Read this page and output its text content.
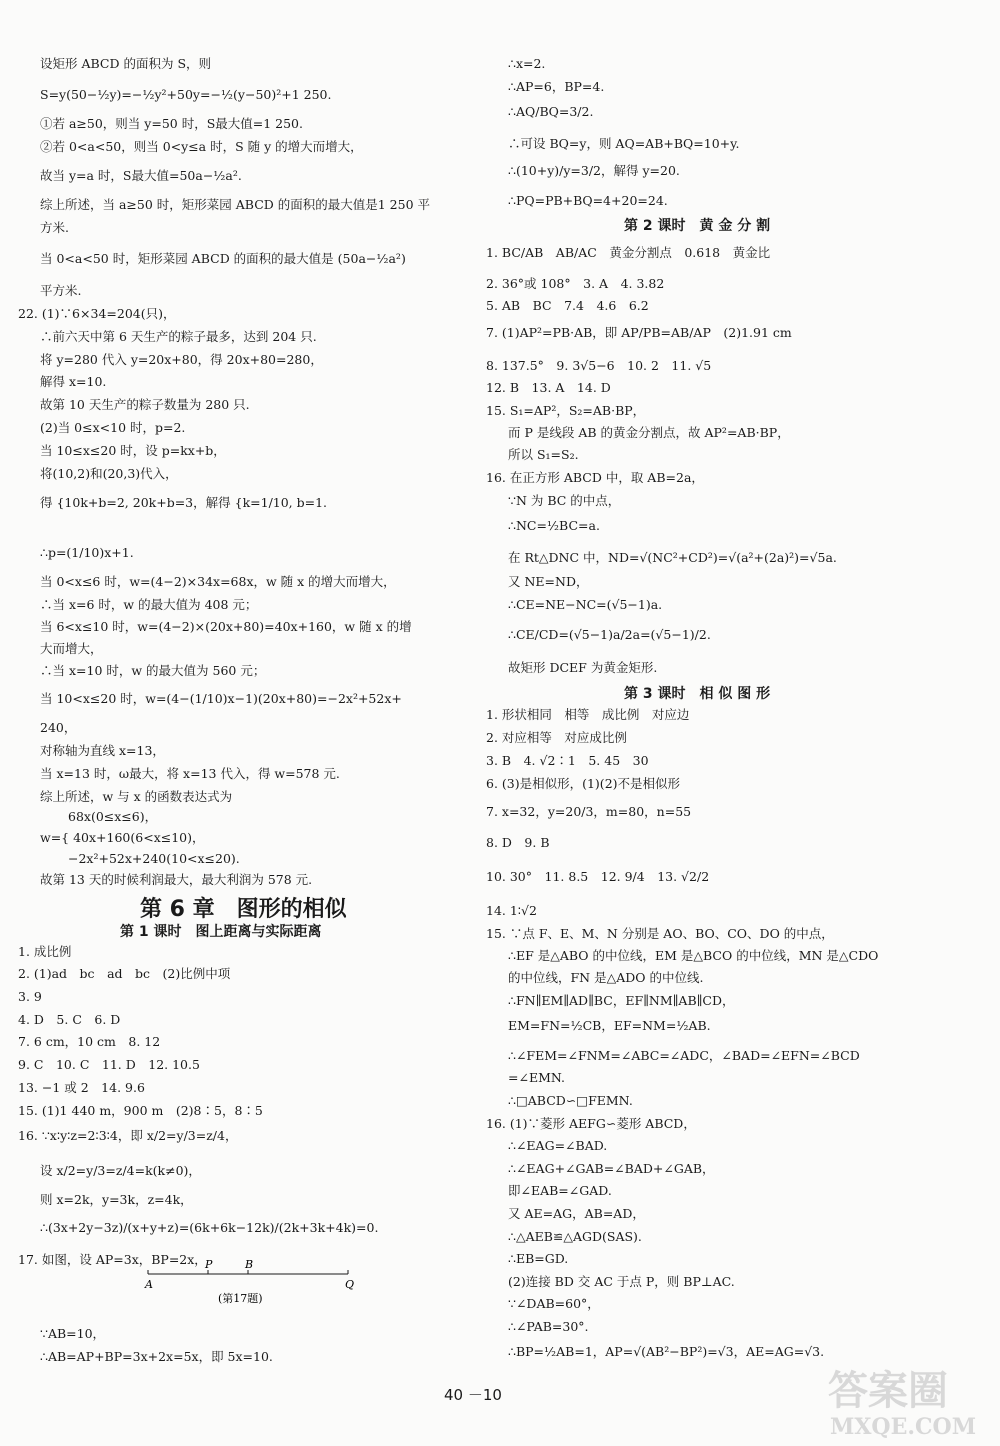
设矩形 ABCD 的面积为 S，则
S=y(50−½y)=−½y²+50y=−½(y−50)²+1 250.
①若 a≥50，则当 y=50 时，S最大值=1 250.
②若 0<a<50，则当 0<y≤a 时，S 随 y 的增大而增大，
故当 y=a 时，S最大值=50a−½a².
综上所述，当 a≥50 时，矩形菜园 ABCD 的面积的最大值是1 250 平
方米.
当 0<a<50 时，矩形菜园 ABCD 的面积的最大值是 (50a−½a²)
平方米.
22. (1)∵6×34=204(只)，
∴前六天中第 6 天生产的粽子最多，达到 204 只.
将 y=280 代入 y=20x+80，得 20x+80=280，
解得 x=10.
故第 10 天生产的粽子数量为 280 只.
(2)当 0≤x<10 时，p=2.
当 10≤x≤20 时，设 p=kx+b，
将(10,2)和(20,3)代入，
得 {10k+b=2, 20k+b=3，解得 {k=1/10, b=1.
∴p=(1/10)x+1.
当 0<x≤6 时，w=(4−2)×34x=68x，w 随 x 的增大而增大，
∴当 x=6 时，w 的最大值为 408 元；
当 6<x≤10 时，w=(4−2)×(20x+80)=40x+160，w 随 x 的增
大而增大，
∴当 x=10 时，w 的最大值为 560 元；
当 10<x≤20 时，w=(4−(1/10)x−1)(20x+80)=−2x²+52x+
240，
对称轴为直线 x=13，
当 x=13 时，ω最大，将 x=13 代入，得 w=578 元.
综上所述，w 与 x 的函数表达式为
68x(0≤x≤6)，
w={ 40x+160(6<x≤10)，
−2x²+52x+240(10<x≤20).
故第 13 天的时候利润最大，最大利润为 578 元.
第 6 章　图形的相似
第 1 课时　图上距离与实际距离
1. 成比例
2. (1)ad　bc　ad　bc　(2)比例中项
3. 9
4. D　5. C　6. D
7. 6 cm，10 cm　8. 12
9. C　10. C　11. D　12. 10.5
13. −1 或 2　14. 9.6
15. (1)1 440 m，900 m　(2)8∶5，8∶5
16. ∵x∶y∶z=2∶3∶4，即 x/2=y/3=z/4，
设 x/2=y/3=z/4=k(k≠0)，
则 x=2k，y=3k，z=4k，
∴(3x+2y−3z)/(x+y+z)=(6k+6k−12k)/(2k+3k+4k)=0.
17. 如图，设 AP=3x，BP=2x，
∵AB=10，
∴AB=AP+BP=3x+2x=5x，即 5x=10.
A
P	B
Q
(第17题)
∴x=2.
∴AP=6，BP=4.
∴AQ/BQ=3/2.
∴可设 BQ=y，则 AQ=AB+BQ=10+y.
∴(10+y)/y=3/2，解得 y=20.
∴PQ=PB+BQ=4+20=24.
第 2 课时　黄 金 分 割
1. BC/AB　AB/AC　黄金分割点　0.618　黄金比
2. 36°或 108°　3. A　4. 3.82
5. AB　BC　7.4　4.6　6.2
7. (1)AP²=PB·AB，即 AP/PB=AB/AP　(2)1.91 cm
8. 137.5°　9. 3√5−6　10. 2　11. √5
12. B　13. A　14. D
15. S₁=AP²，S₂=AB·BP，
而 P 是线段 AB 的黄金分割点，故 AP²=AB·BP，
所以 S₁=S₂.
16. 在正方形 ABCD 中，取 AB=2a，
∵N 为 BC 的中点，
∴NC=½BC=a.
在 Rt△DNC 中，ND=√(NC²+CD²)=√(a²+(2a)²)=√5a.
又 NE=ND，
∴CE=NE−NC=(√5−1)a.
∴CE/CD=(√5−1)a/2a=(√5−1)/2.
故矩形 DCEF 为黄金矩形.
第 3 课时　相 似 图 形
1. 形状相同　相等　成比例　对应边
2. 对应相等　对应成比例
3. B　4. √2∶1　5. 45　30
6. (3)是相似形，(1)(2)不是相似形
7. x=32，y=20/3，m=80，n=55
8. D　9. B
10. 30°　11. 8.5　12. 9/4　13. √2/2
14. 1∶√2
15. ∵点 F、E、M、N 分别是 AO、BO、CO、DO 的中点，
∴EF 是△ABO 的中位线，EM 是△BCO 的中位线，MN 是△CDO
的中位线，FN 是△ADO 的中位线.
∴FN∥EM∥AD∥BC，EF∥NM∥AB∥CD，
EM=FN=½CB，EF=NM=½AB.
∴∠FEM=∠FNM=∠ABC=∠ADC，∠BAD=∠EFN=∠BCD
=∠EMN.
∴□ABCD∽□FEMN.
16. (1)∵菱形 AEFG∽菱形 ABCD，
∴∠EAG=∠BAD.
∴∠EAG+∠GAB=∠BAD+∠GAB，
即∠EAB=∠GAD.
又 AE=AG，AB=AD，
∴△AEB≌△AGD(SAS).
∴EB=GD.
(2)连接 BD 交 AC 于点 P，则 BP⊥AC.
∵∠DAB=60°，
∴∠PAB=30°.
∴BP=½AB=1，AP=√(AB²−BP²)=√3，AE=AG=√3.
40 －10	答案圈
MXQE.COM
